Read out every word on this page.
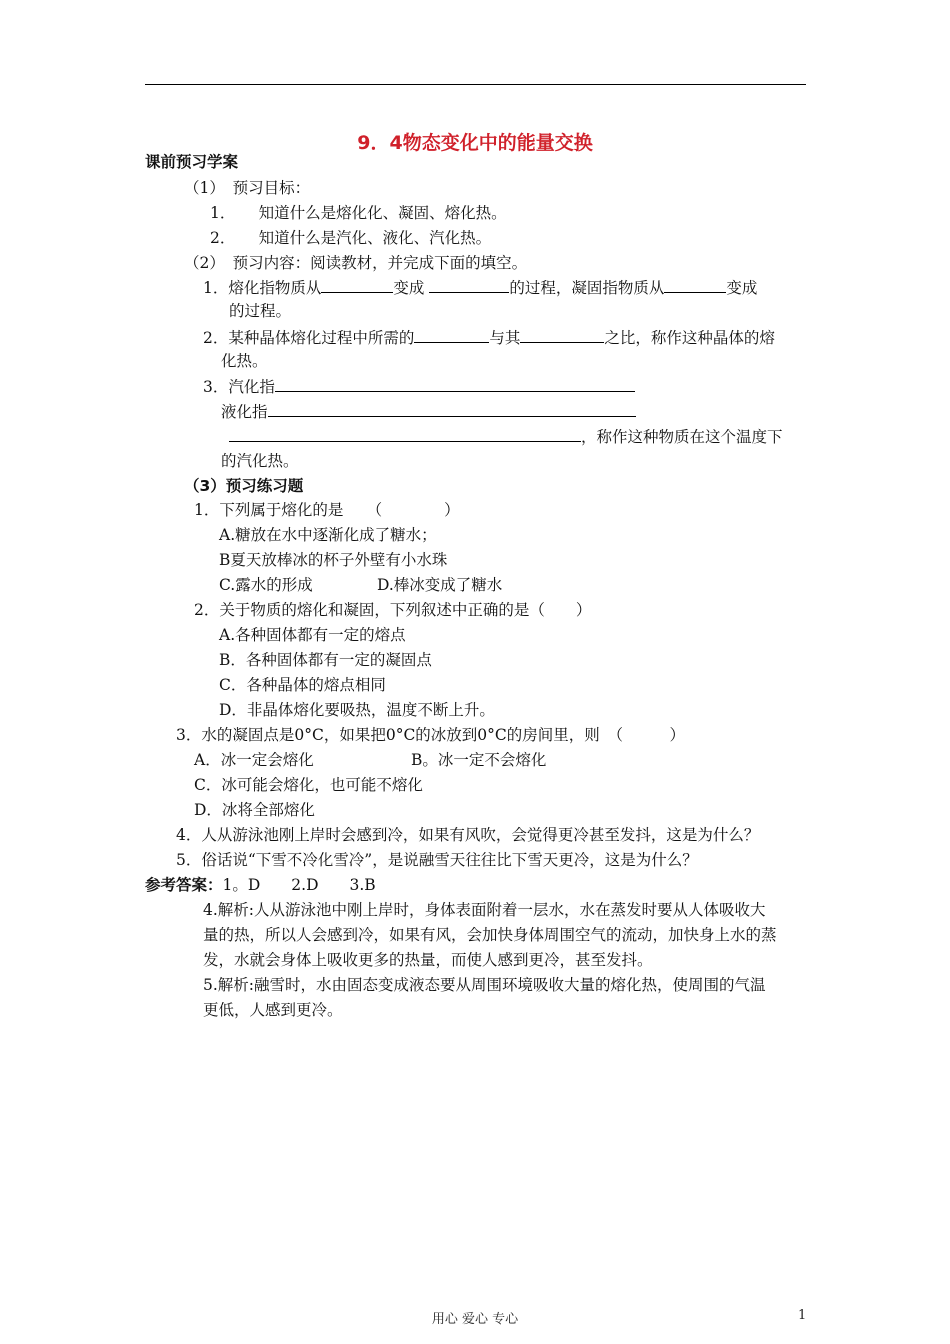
9．4物态变化中的能量交换
课前预习学案
（1）　预习目标：
1．　　知道什么是熔化化、凝固、熔化热。
2．　　知道什么是汽化、液化、汽化热。
（2）　预习内容：阅读教材，并完成下面的填空。
1．熔化指物质从	变成	的过程，凝固指物质从	变成
的过程。
2．某种晶体熔化过程中所需的	与其	之比，称作这种晶体的熔
化热。
3．汽化指
液化指
，称作这种物质在这个温度下
的汽化热。
（3）预习练习题
1．下列属于熔化的是　　（　　　　）
A.糖放在水中逐渐化成了糖水；
B夏天放棒冰的杯子外壁有小水珠
C.露水的形成	D.棒冰变成了糖水
2．关于物质的熔化和凝固，下列叙述中正确的是（　　）
A.各种固体都有一定的熔点
B．各种固体都有一定的凝固点
C．各种晶体的熔点相同
D．非晶体熔化要吸热，温度不断上升。
3．水的凝固点是0°C，如果把0°C的冰放到0°C的房间里，则　（　　　）
A．冰一定会熔化	B。冰一定不会熔化
C．冰可能会熔化，也可能不熔化
D．冰将全部熔化
4．人从游泳池刚上岸时会感到冷，如果有风吹，会觉得更冷甚至发抖，这是为什么？
5．俗话说“下雪不冷化雪冷”，是说融雪天往往比下雪天更冷，这是为什么？
参考答案：1。D　　2.D　　3.B
4.解析:人从游泳池中刚上岸时，身体表面附着一层水，水在蒸发时要从人体吸收大
量的热，所以人会感到冷，如果有风，会加快身体周围空气的流动，加快身上水的蒸
发，水就会身体上吸收更多的热量，而使人感到更冷，甚至发抖。
5.解析:融雪时，水由固态变成液态要从周围环境吸收大量的熔化热，使周围的气温
更低，人感到更冷。
用心 爱心 专心	1
